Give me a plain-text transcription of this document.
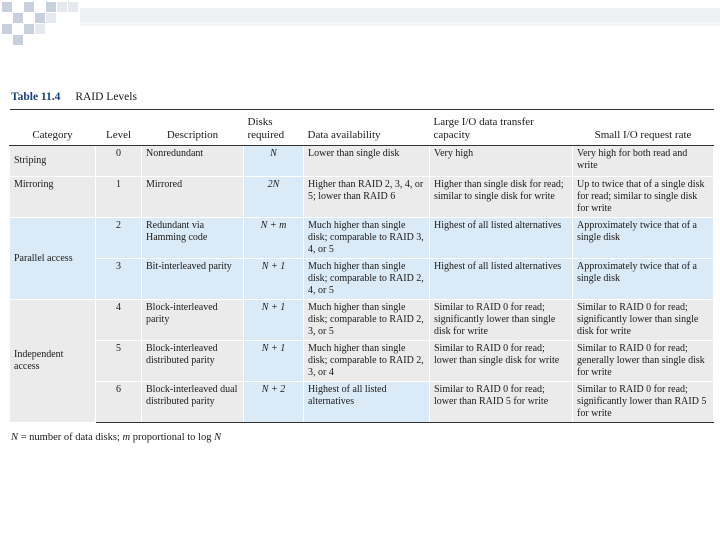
Table 11.4 RAID Levels
Category	Level	Description	Disks required	Data availability	Large I/O data transfer capacity	Small I/O request rate
Striping	0	Nonredundant	N	Lower than single disk	Very high	Very high for both read and write
Mirroring	1	Mirrored	2N	Higher than RAID 2, 3, 4, or 5; lower than RAID 6	Higher than single disk for read; similar to single disk for write	Up to twice that of a single disk for read; similar to single disk for write
Parallel access	2	Redundant via Hamming code	N + m	Much higher than single disk; comparable to RAID 3, 4, or 5	Highest of all listed alternatives	Approximately twice that of a single disk
	3	Bit-interleaved parity	N + 1	Much higher than single disk; comparable to RAID 2, 4, or 5	Highest of all listed alternatives	Approximately twice that of a single disk
Independent access	4	Block-interleaved parity	N + 1	Much higher than single disk; comparable to RAID 2, 3, or 5	Similar to RAID 0 for read; significantly lower than single disk for write	Similar to RAID 0 for read; significantly lower than single disk for write
	5	Block-interleaved distributed parity	N + 1	Much higher than single disk; comparable to RAID 2, 3, or 4	Similar to RAID 0 for read; lower than single disk for write	Similar to RAID 0 for read; generally lower than single disk for write
	6	Block-interleaved dual distributed parity	N + 2	Highest of all listed alternatives	Similar to RAID 0 for read; lower than RAID 5 for write	Similar to RAID 0 for read; significantly lower than RAID 5 for write
N = number of data disks; m proportional to log N
